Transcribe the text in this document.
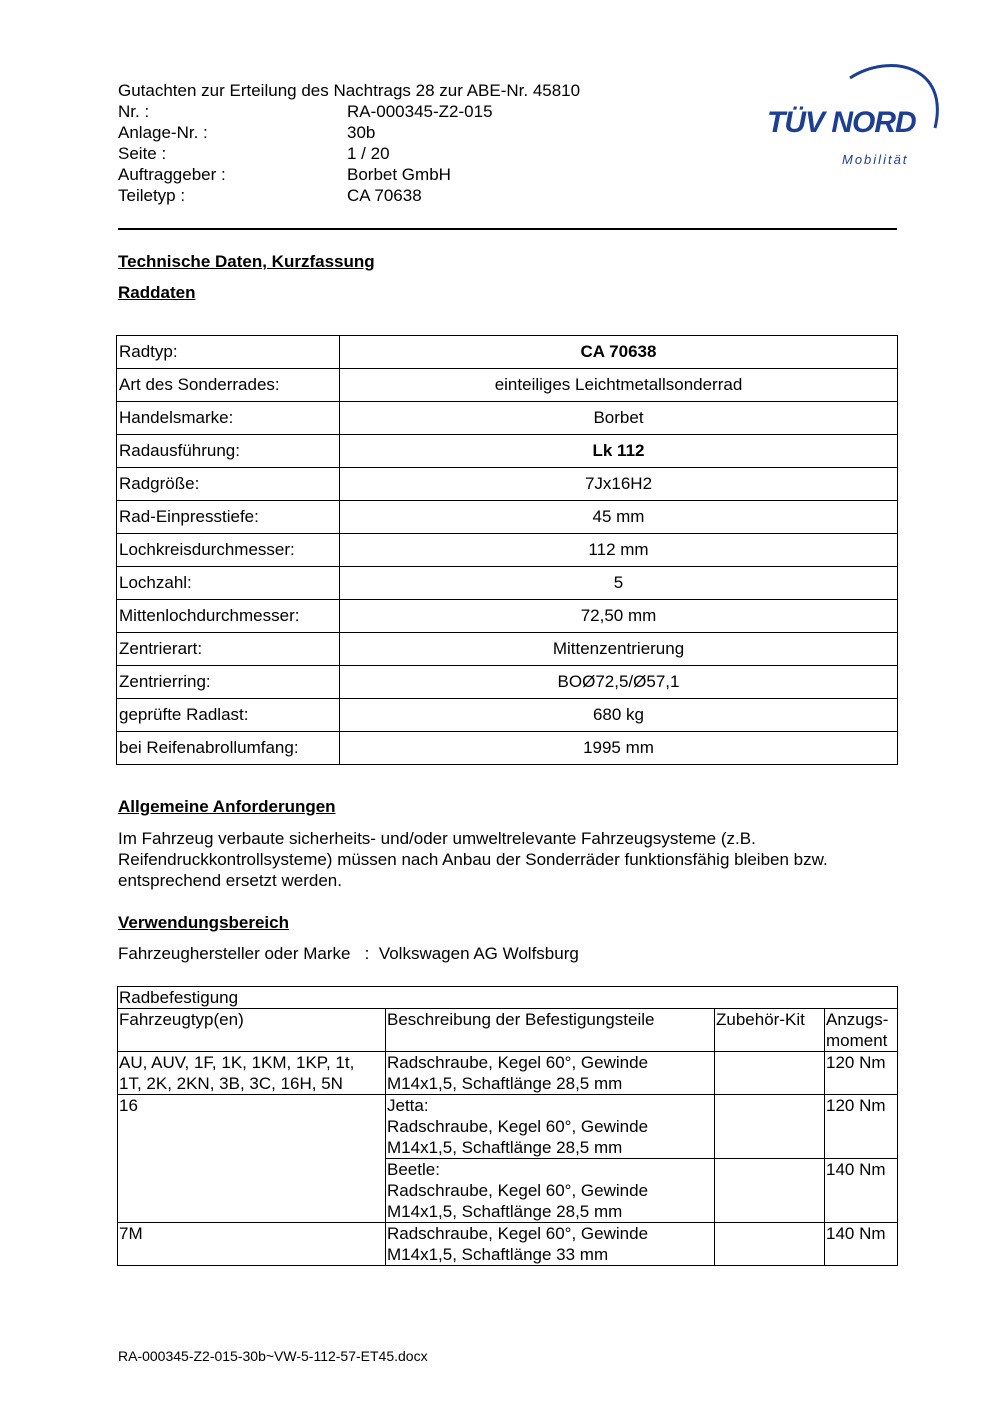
Gutachten zur Erteilung des Nachtrags 28 zur ABE-Nr. 45810
Nr. :	RA-000345-Z2-015
Anlage-Nr. :	30b
Seite :	1 / 20
Auftraggeber :	Borbet GmbH
Teiletyp :	CA 70638
TÜV NORD
Mobilität
Technische Daten, Kurzfassung
Raddaten
Radtyp:	CA 70638
Art des Sonderrades:	einteiliges Leichtmetallsonderrad
Handelsmarke:	Borbet
Radausführung:	Lk 112
Radgröße:	7Jx16H2
Rad-Einpresstiefe:	45 mm
Lochkreisdurchmesser:	112 mm
Lochzahl:	5
Mittenlochdurchmesser:	72,50 mm
Zentrierart:	Mittenzentrierung
Zentrierring:	BOØ72,5/Ø57,1
geprüfte Radlast:	680 kg
bei Reifenabrollumfang:	1995 mm
Allgemeine Anforderungen
Im Fahrzeug verbaute sicherheits- und/oder umweltrelevante Fahrzeugsysteme (z.B. Reifendruckkontrollsysteme) müssen nach Anbau der Sonderräder funktionsfähig bleiben bzw. entsprechend ersetzt werden.
Verwendungsbereich
Fahrzeughersteller oder Marke : Volkswagen AG Wolfsburg
Radbefestigung			
Fahrzeugtyp(en)	Beschreibung der Befestigungsteile	Zubehör-Kit	Anzugs-
moment
AU, AUV, 1F, 1K, 1KM, 1KP, 1t,
1T, 2K, 2KN, 3B, 3C, 16H, 5N	Radschraube, Kegel 60°, Gewinde
M14x1,5, Schaftlänge 28,5 mm		120 Nm
16	Jetta:
Radschraube, Kegel 60°, Gewinde
M14x1,5, Schaftlänge 28,5 mm		120 Nm
	Beetle:
Radschraube, Kegel 60°, Gewinde
M14x1,5, Schaftlänge 28,5 mm		140 Nm
7M	Radschraube, Kegel 60°, Gewinde
M14x1,5, Schaftlänge 33 mm		140 Nm
RA-000345-Z2-015-30b~VW-5-112-57-ET45.docx
